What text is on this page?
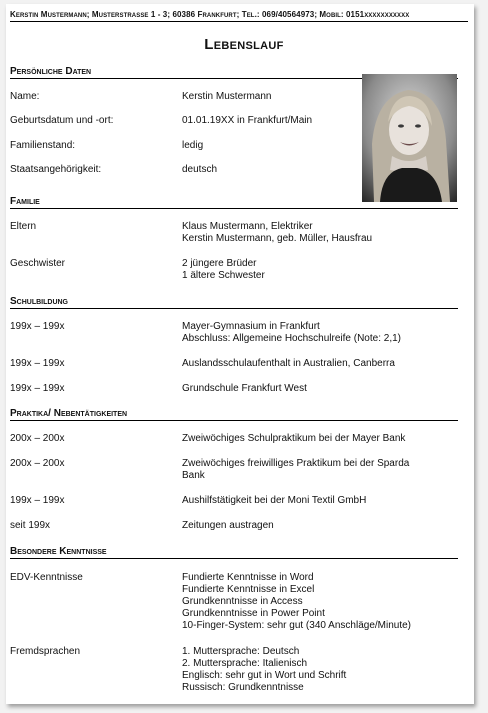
Kerstin Mustermann; Musterstrasse 1 - 3; 60386 Frankfurt; Tel.: 069/40564973; Mobil: 0151xxxxxxxxxxx
Lebenslauf
Persönliche Daten
Name:	Kerstin Mustermann
Geburtsdatum und -ort:	01.01.19XX in Frankfurt/Main
Familienstand:	ledig
Staatsangehörigkeit:	deutsch
Familie
Eltern	Klaus Mustermann, Elektriker
Kerstin Mustermann, geb. Müller, Hausfrau
Geschwister	2 jüngere Brüder
1 ältere Schwester
Schulbildung
199x – 199x	Mayer-Gymnasium in Frankfurt
Abschluss: Allgemeine Hochschulreife (Note: 2,1)
199x – 199x	Auslandsschulaufenthalt in Australien, Canberra
199x – 199x	Grundschule Frankfurt West
Praktika/ Nebentätigkeiten
200x – 200x	Zweiwöchiges Schulpraktikum bei der Mayer Bank
200x – 200x	Zweiwöchiges freiwilliges Praktikum bei der Sparda
Bank
199x – 199x	Aushilfstätigkeit bei der Moni Textil GmbH
seit 199x	Zeitungen austragen
Besondere Kenntnisse
EDV-Kenntnisse	Fundierte Kenntnisse in Word
Fundierte Kenntnisse in Excel
Grundkenntnisse in Access
Grundkenntnisse in Power Point
10-Finger-System: sehr gut (340 Anschläge/Minute)
Fremdsprachen	1. Muttersprache: Deutsch
2. Muttersprache: Italienisch
Englisch: sehr gut in Wort und Schrift
Russisch: Grundkenntnisse
